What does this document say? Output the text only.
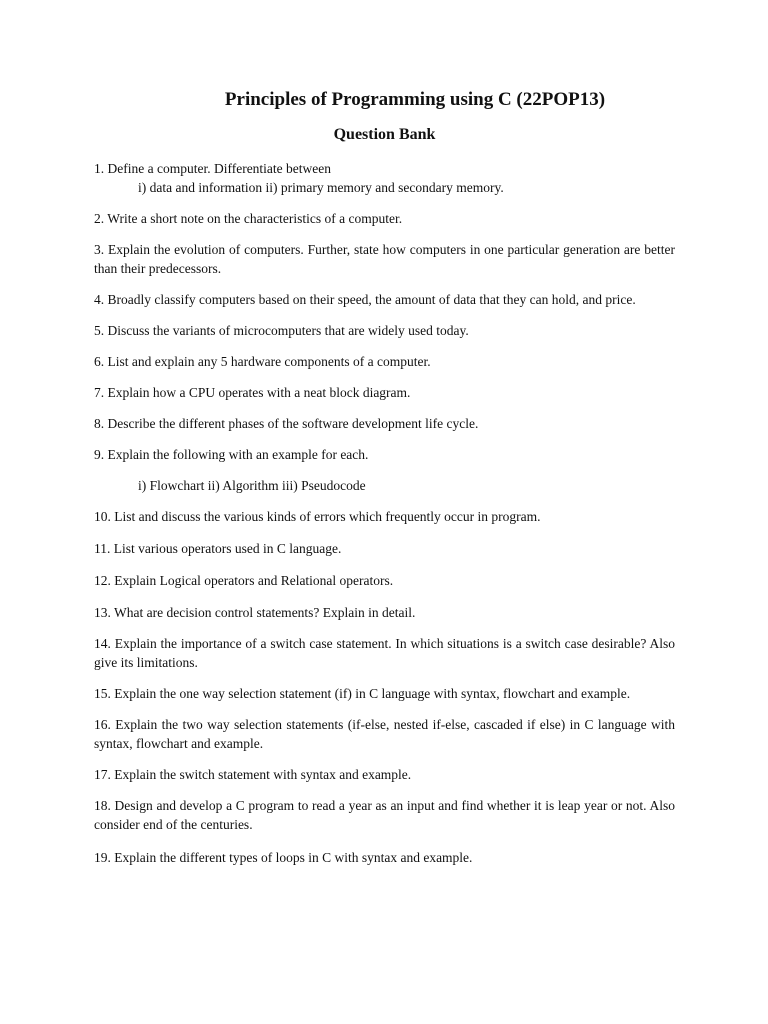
Principles of Programming using C (22POP13)
Question Bank
1. Define a computer. Differentiate between
i) data and information ii) primary memory and secondary memory.
2. Write a short note on the characteristics of a computer.
3. Explain the evolution of computers. Further, state how computers in one particular generation are better than their predecessors.
4. Broadly classify computers based on their speed, the amount of data that they can hold, and price.
5. Discuss the variants of microcomputers that are widely used today.
6. List and explain any 5 hardware components of a computer.
7. Explain how a CPU operates with a neat block diagram.
8. Describe the different phases of the software development life cycle.
9. Explain the following with an example for each.
i) Flowchart ii) Algorithm iii) Pseudocode
10. List and discuss the various kinds of errors which frequently occur in program.
11. List various operators used in C language.
12. Explain Logical operators and Relational operators.
13. What are decision control statements? Explain in detail.
14. Explain the importance of a switch case statement. In which situations is a switch case desirable? Also give its limitations.
15. Explain the one way selection statement (if) in C language with syntax, flowchart and example.
16. Explain the two way selection statements (if-else, nested if-else, cascaded if else) in C language with syntax, flowchart and example.
17. Explain the switch statement with syntax and example.
18. Design and develop a C program to read a year as an input and find whether it is leap year or not. Also consider end of the centuries.
19. Explain the different types of loops in C with syntax and example.
